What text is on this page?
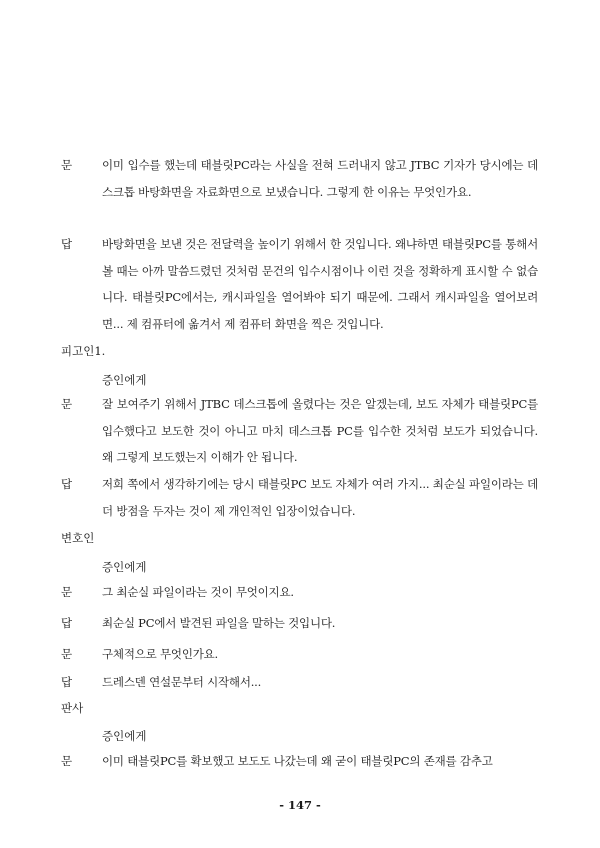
문	이미 입수를 했는데 태블릿PC라는 사실을 전혀 드러내지 않고 JTBC 기자가 당시에는 데스크톱 바탕화면을 자료화면으로 보냈습니다. 그렇게 한 이유는 무엇인가요.
답	바탕화면을 보낸 것은 전달력을 높이기 위해서 한 것입니다. 왜냐하면 태블릿PC를 통해서 볼 때는 아까 말씀드렸던 것처럼 문건의 입수시점이나 이런 것을 정확하게 표시할 수 없습니다. 태블릿PC에서는, 캐시파일을 열어봐야 되기 때문에. 그래서 캐시파일을 열어보려면... 제 컴퓨터에 옮겨서 제 컴퓨터 화면을 찍은 것입니다.
피고인1.
증인에게
문	잘 보여주기 위해서 JTBC 데스크톱에 올렸다는 것은 알겠는데, 보도 자체가 태블릿PC를 입수했다고 보도한 것이 아니고 마치 데스크톱 PC를 입수한 것처럼 보도가 되었습니다. 왜 그렇게 보도했는지 이해가 안 됩니다.
답	저희 쪽에서 생각하기에는 당시 태블릿PC 보도 자체가 여러 가지... 최순실 파일이라는 데 더 방점을 두자는 것이 제 개인적인 입장이었습니다.
변호인
증인에게
문	그 최순실 파일이라는 것이 무엇이지요.
답	최순실 PC에서 발견된 파일을 말하는 것입니다.
문	구체적으로 무엇인가요.
답	드레스덴 연설문부터 시작해서...
판사
증인에게
문	이미 태블릿PC를 확보했고 보도도 나갔는데 왜 굳이 태블릿PC의 존재를 감추고
- 147 -
